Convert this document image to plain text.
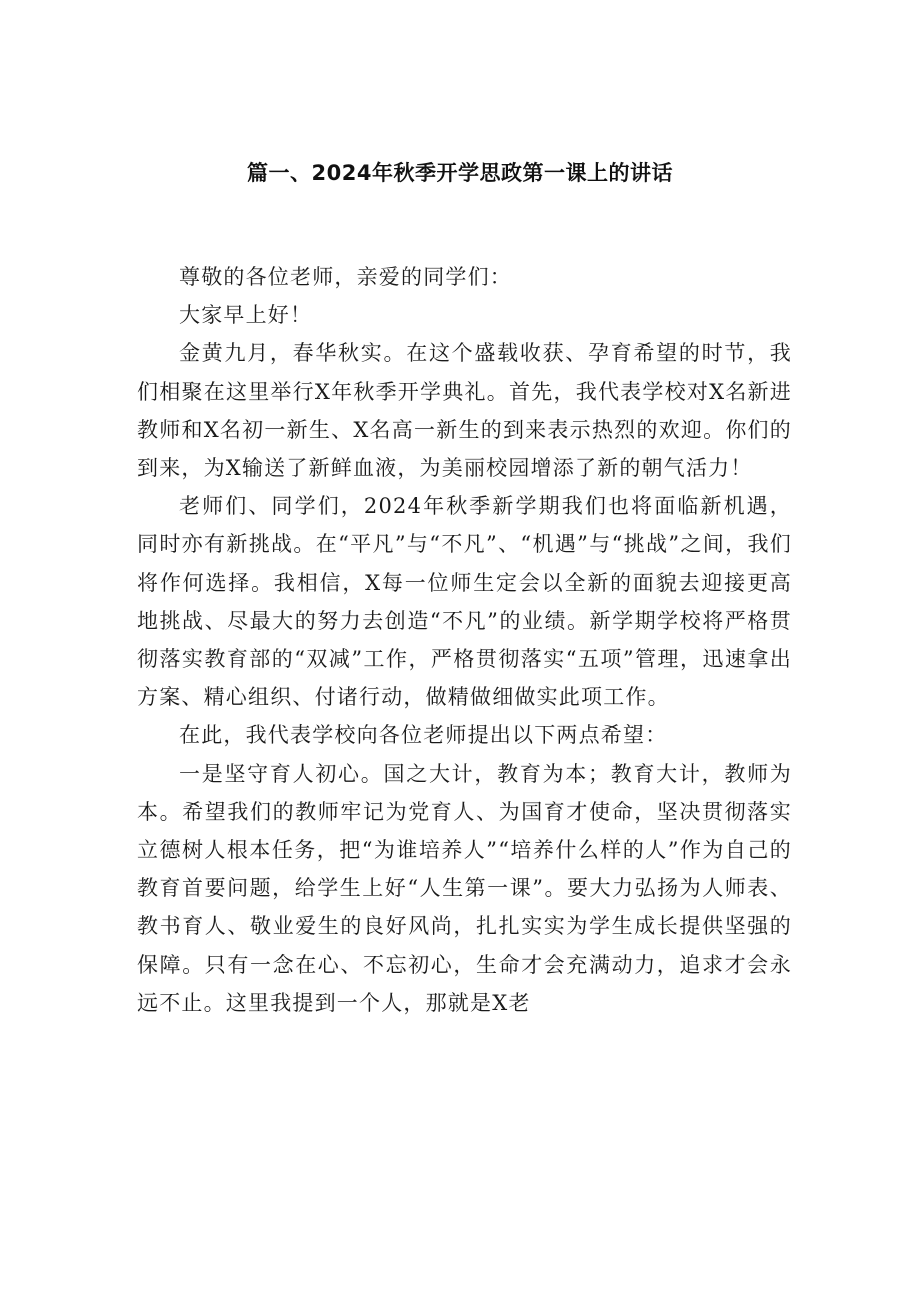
篇一、2024年秋季开学思政第一课上的讲话

尊敬的各位老师，亲爱的同学们：

大家早上好！

金黄九月，春华秋实。在这个盛载收获、孕育希望的时节，我们相聚在这里举行X年秋季开学典礼。首先，我代表学校对X名新进教师和X名初一新生、X名高一新生的到来表示热烈的欢迎。你们的到来，为X输送了新鲜血液，为美丽校园增添了新的朝气活力！

老师们、同学们，2024年秋季新学期我们也将面临新机遇，同时亦有新挑战。在“平凡”与“不凡”、“机遇”与“挑战”之间，我们将作何选择。我相信，X每一位师生定会以全新的面貌去迎接更高地挑战、尽最大的努力去创造“不凡”的业绩。新学期学校将严格贯彻落实教育部的“双减”工作，严格贯彻落实“五项”管理，迅速拿出方案、精心组织、付诸行动，做精做细做实此项工作。

在此，我代表学校向各位老师提出以下两点希望：

一是坚守育人初心。国之大计，教育为本；教育大计，教师为本。希望我们的教师牢记为党育人、为国育才使命，坚决贯彻落实立德树人根本任务，把“为谁培养人”“培养什么样的人”作为自己的教育首要问题，给学生上好“人生第一课”。要大力弘扬为人师表、教书育人、敬业爱生的良好风尚，扎扎实实为学生成长提供坚强的保障。只有一念在心、不忘初心，生命才会充满动力，追求才会永远不止。这里我提到一个人，那就是X老
